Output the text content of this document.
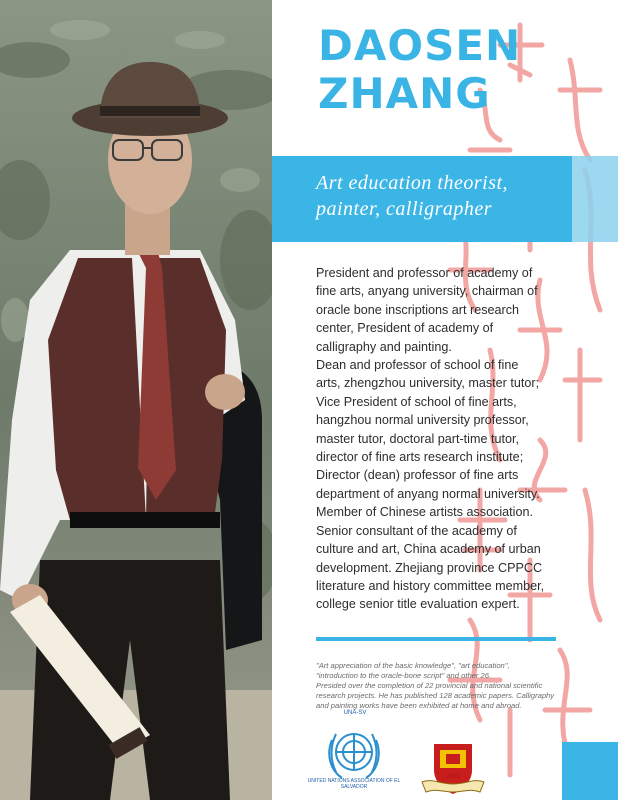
DAOSEN
ZHANG

Art education theorist, painter, calligrapher

President and professor of academy of
fine arts, anyang university, chairman of
oracle bone inscriptions art research
center, President of academy of
calligraphy and painting.
Dean and professor of school of fine
arts, zhengzhou university, master tutor;
Vice President of school of fine arts,
hangzhou normal university professor,
master tutor, doctoral part-time tutor,
director of fine arts research institute;
Director (dean) professor of fine arts
department of anyang normal university.
Member of Chinese artists association.
Senior consultant of the academy of
culture and art, China academy of urban
development. Zhejiang province CPPCC
literature and history committee member,
college senior title evaluation expert.

"Art appreciation of the basic knowledge", "art education",
"introduction to the oracle-bone script" and other 26.
Presided over the completion of 22 provincial and national scientific
research projects. He has published 128 academic papers. Calligraphy
and painting works have been exhibited at home and abroad.

UNA-SV
UNITED NATIONS ASSOCIATION OF EL SALVADOR
2003
